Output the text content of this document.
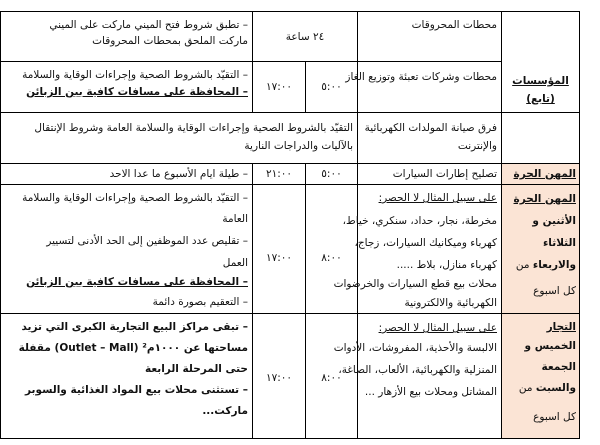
محطات المحروقات
٢٤ ساعة
– تطبق شروط فتح الميني ماركت على الميني
ماركت الملحق بمحطات المحروقات
محطات وشركات تعبئة وتوزيع الغاز
٥:٠٠
١٧:٠٠
– التقيّد بالشروط الصحية وإجراءات الوقاية والسلامة
– المحافظة على مسافات كافية بين الزبائن
المؤسسات
(تابع)
فرق صيانة المولدات الكهربائية
والإنترنت
التقيّد بالشروط الصحية وإجراءات الوقاية والسلامة العامة وشروط الإنتقال
بالآليات والدراجات النارية
المهن الحرة
تصليح إطارات السيارات
٥:٠٠
٢١:٠٠
– طيلة ايام الأسبوع ما عدا الاحد
المهن الحرة
الأثنين و
الثلاثاء
والاربعاء من
كل اسبوع
على سبيل المثال لا الحصر:
مخرطة، نجار، حداد، سنكري، خياط،
كهرباء وميكانيك السيارات، زجاج،
كهرباء منازل، بلاط .....
محلات بيع قطع السيارات والخرضوات
الكهربائية والالكترونية
٨:٠٠
١٧:٠٠
– التقيّد بالشروط الصحية وإجراءات الوقاية والسلامة
العامة
– تقليص عدد الموظفين إلى الحد الأدنى لتسيير
العمل
– المحافظة على مسافات كافية بين الزبائن
– التعقيم بصورة دائمة
التجار
الخميس و
الجمعة
والسبت من
كل اسبوع
على سبيل المثال لا الحصر:
الالبسة والأحذية، المفروشات، الأدوات
المنزلية والكهربائية، الألعاب، الصاغة،
المشاتل ومحلات بيع الأزهار ...
٨:٠٠
١٧:٠٠
– تبقى مراكز البيع التجارية الكبرى التي تزيد
مساحتها عن ١٠٠٠م² (Outlet – Mall) مقفلة
حتى المرحلة الرابعة
– تستثنى محلات بيع المواد الغذائية والسوبر
ماركت...
